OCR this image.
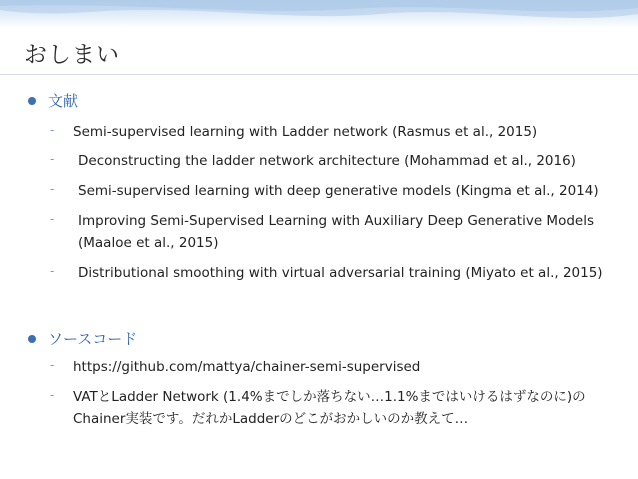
おしまい
文献
- Semi-supervised learning with Ladder network (Rasmus et al., 2015)
- Deconstructing the ladder network architecture (Mohammad et al., 2016)
- Semi-supervised learning with deep generative models (Kingma et al., 2014)
- Improving Semi-Supervised Learning with Auxiliary Deep Generative Models (Maaloe et al., 2015)
- Distributional smoothing with virtual adversarial training (Miyato et al., 2015)
ソースコード
- https://github.com/mattya/chainer-semi-supervised
- VATとLadder Network (1.4%までしか落ちない…1.1%まではいけるはずなのに)のChainer実装です。だれかLadderのどこがおかしいのか教えて…
